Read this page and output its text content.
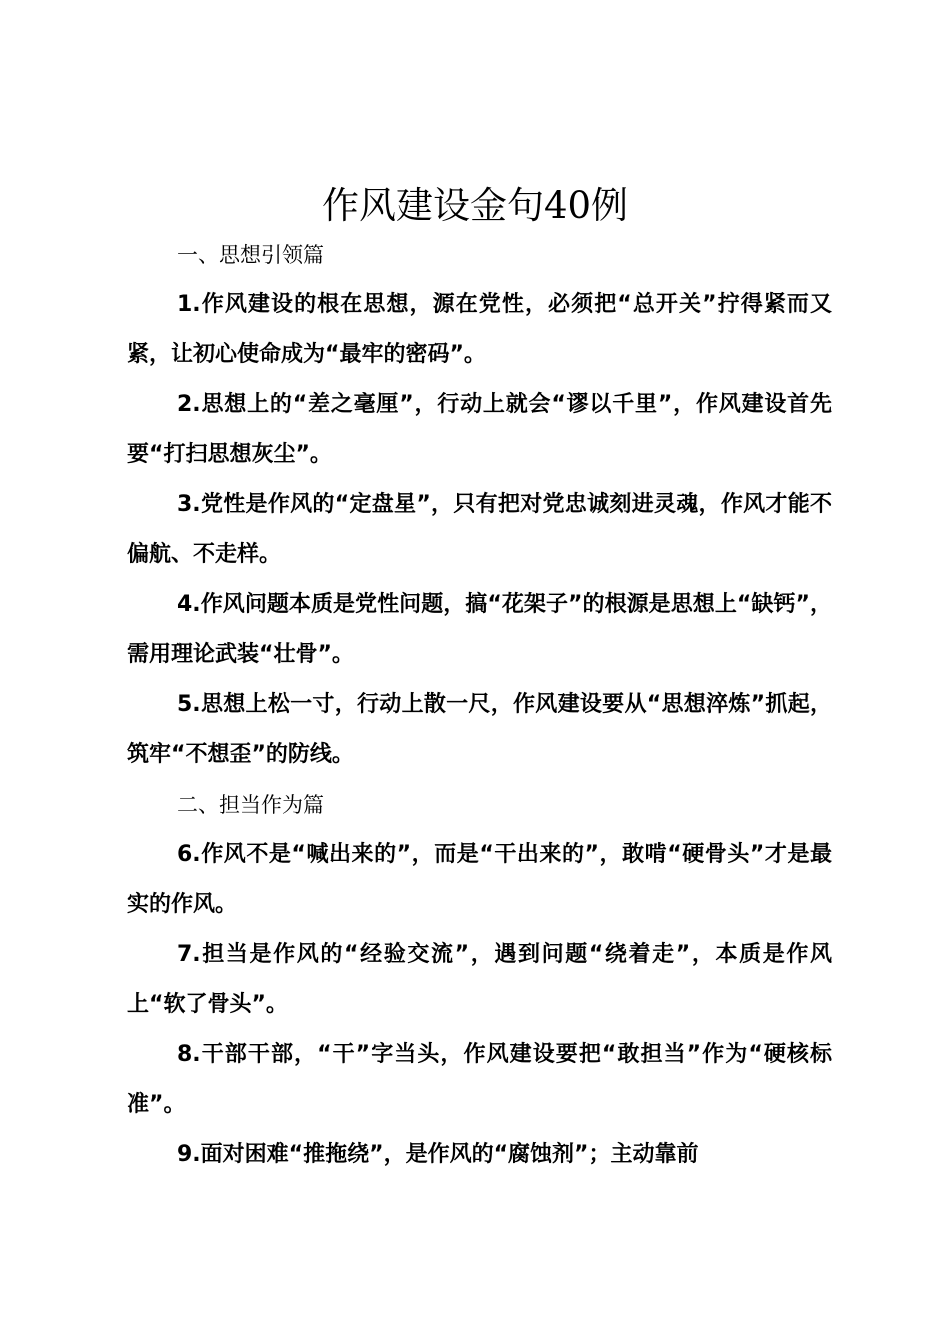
作风建设金句40例

一、思想引领篇

1.作风建设的根在思想，源在党性，必须把“总开关”拧得紧而又紧，让初心使命成为“最牢的密码”。

2.思想上的“差之毫厘”，行动上就会“谬以千里”，作风建设首先要“打扫思想灰尘”。

3.党性是作风的“定盘星”，只有把对党忠诚刻进灵魂，作风才能不偏航、不走样。

4.作风问题本质是党性问题，搞“花架子”的根源是思想上“缺钙”，需用理论武装“壮骨”。

5.思想上松一寸，行动上散一尺，作风建设要从“思想淬炼”抓起，筑牢“不想歪”的防线。

二、担当作为篇

6.作风不是“喊出来的”，而是“干出来的”，敢啃“硬骨头”才是最实的作风。

7.担当是作风的“经验交流”，遇到问题“绕着走”，本质是作风上“软了骨头”。

8.干部干部，“干”字当头，作风建设要把“敢担当”作为“硬核标准”。

9.面对困难“推拖绕”，是作风的“腐蚀剂”；主动靠前
